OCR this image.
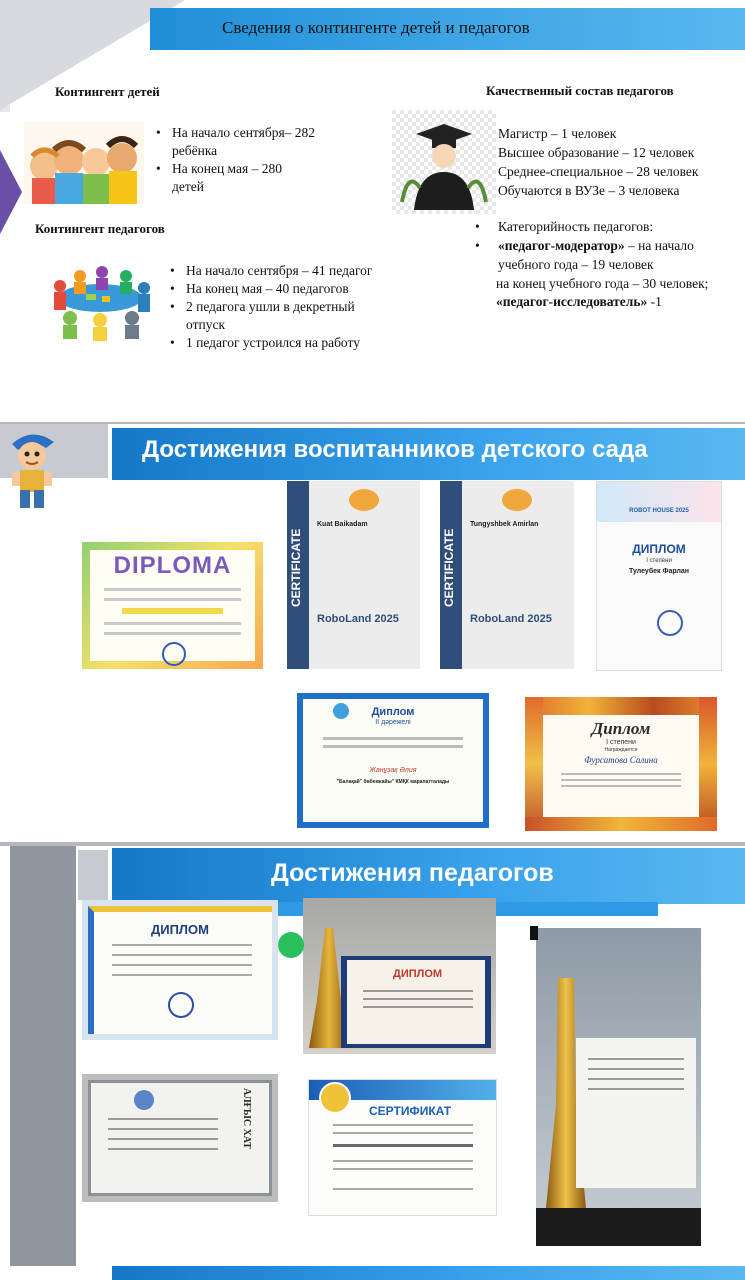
Сведения о контингенте детей и педагогов
Контингент детей
• На начало сентября– 282 ребёнка
• На конец мая – 280 детей
Контингент педагогов
• На начало сентября – 41 педагог
• На конец мая – 40 педагогов
• 2 педагога ушли в декретный отпуск
• 1 педагог устроился на работу
Качественный состав педагогов
Магистр – 1 человек
Высшее образование – 12 человек
Среднее-специальное – 28 человек
Обучаются в ВУЗе – 3 человека
• Категорийность педагогов:
• «педагог-модератор» – на начало учебного года – 19 человек
на конец учебного года – 30 человек;
«педагог-исследователь» -1
Достижения воспитанников детского сада
DIPLOMA	CERTIFICATE
Kuat Baikadam
RoboLand 2025
CERTIFICATE
Tungyshbek Amirlan
RoboLand 2025
ROBOT HOUSE 2025
ДИПЛОМ
I степени
Тулеубек Фарлан
Диплом
II дәрежелі
Жанұзақ Әлия
"Балақай" бөбекжайы" КМҚК марапатталады
Диплом
I степени
Награждается
Фурсатова Салина
Достижения педагогов
ДИПЛОМ
ДИПЛОМ
АЛҒЫС ХАТ	СЕРТИФИКАТ
